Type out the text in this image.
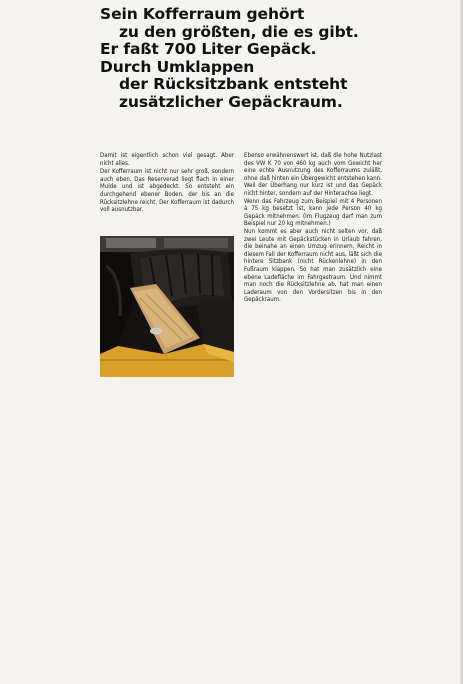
Sein Kofferraum gehört
zu den größten, die es gibt.
Er faßt 700 Liter Gepäck.
Durch Umklappen
der Rücksitzbank entsteht
zusätzlicher Gepäckraum.

Damit ist eigentlich schon viel gesagt. Aber nicht alles.

Der Kofferraum ist nicht nur sehr groß, sondern auch eben. Das Reserverad liegt flach in einer Mulde und ist abgedeckt. So entsteht ein durchgehend ebener Boden, der bis an die Rücksitzlehne reicht. Der Kofferraum ist dadurch voll ausnutzbar.

Ebenso erwähnenswert ist, daß die hohe Nutzlast des VW K 70 von 460 kg auch vom Gewicht her eine echte Ausnutzung des Kofferraums zuläßt, ohne daß hinten ein Übergewicht entstehen kann. Weil der Überhang nur kurz ist und das Gepäck nicht hinter, sondern auf der Hinterachse liegt.

Wenn das Fahrzeug zum Beispiel mit 4 Personen à 75 kg besetzt ist, kann jede Person 40 kg Gepäck mitnehmen. (Im Flugzeug darf man zum Beispiel nur 20 kg mitnehmen.)

Nun kommt es aber auch nicht selten vor, daß zwei Leute mit Gepäckstücken in Urlaub fahren, die beinahe an einen Umzug erinnern. Reicht in diesem Fall der Kofferraum nicht aus, läßt sich die hintere Sitzbank (nicht Rückenlehne) in den Fußraum klappen. So hat man zusätzlich eine ebene Ladefläche im Fahrgastraum. Und nimmt man noch die Rücksitzlehne ab, hat man einen Laderaum von den Vordersitzen bis in den Gepäckraum.
